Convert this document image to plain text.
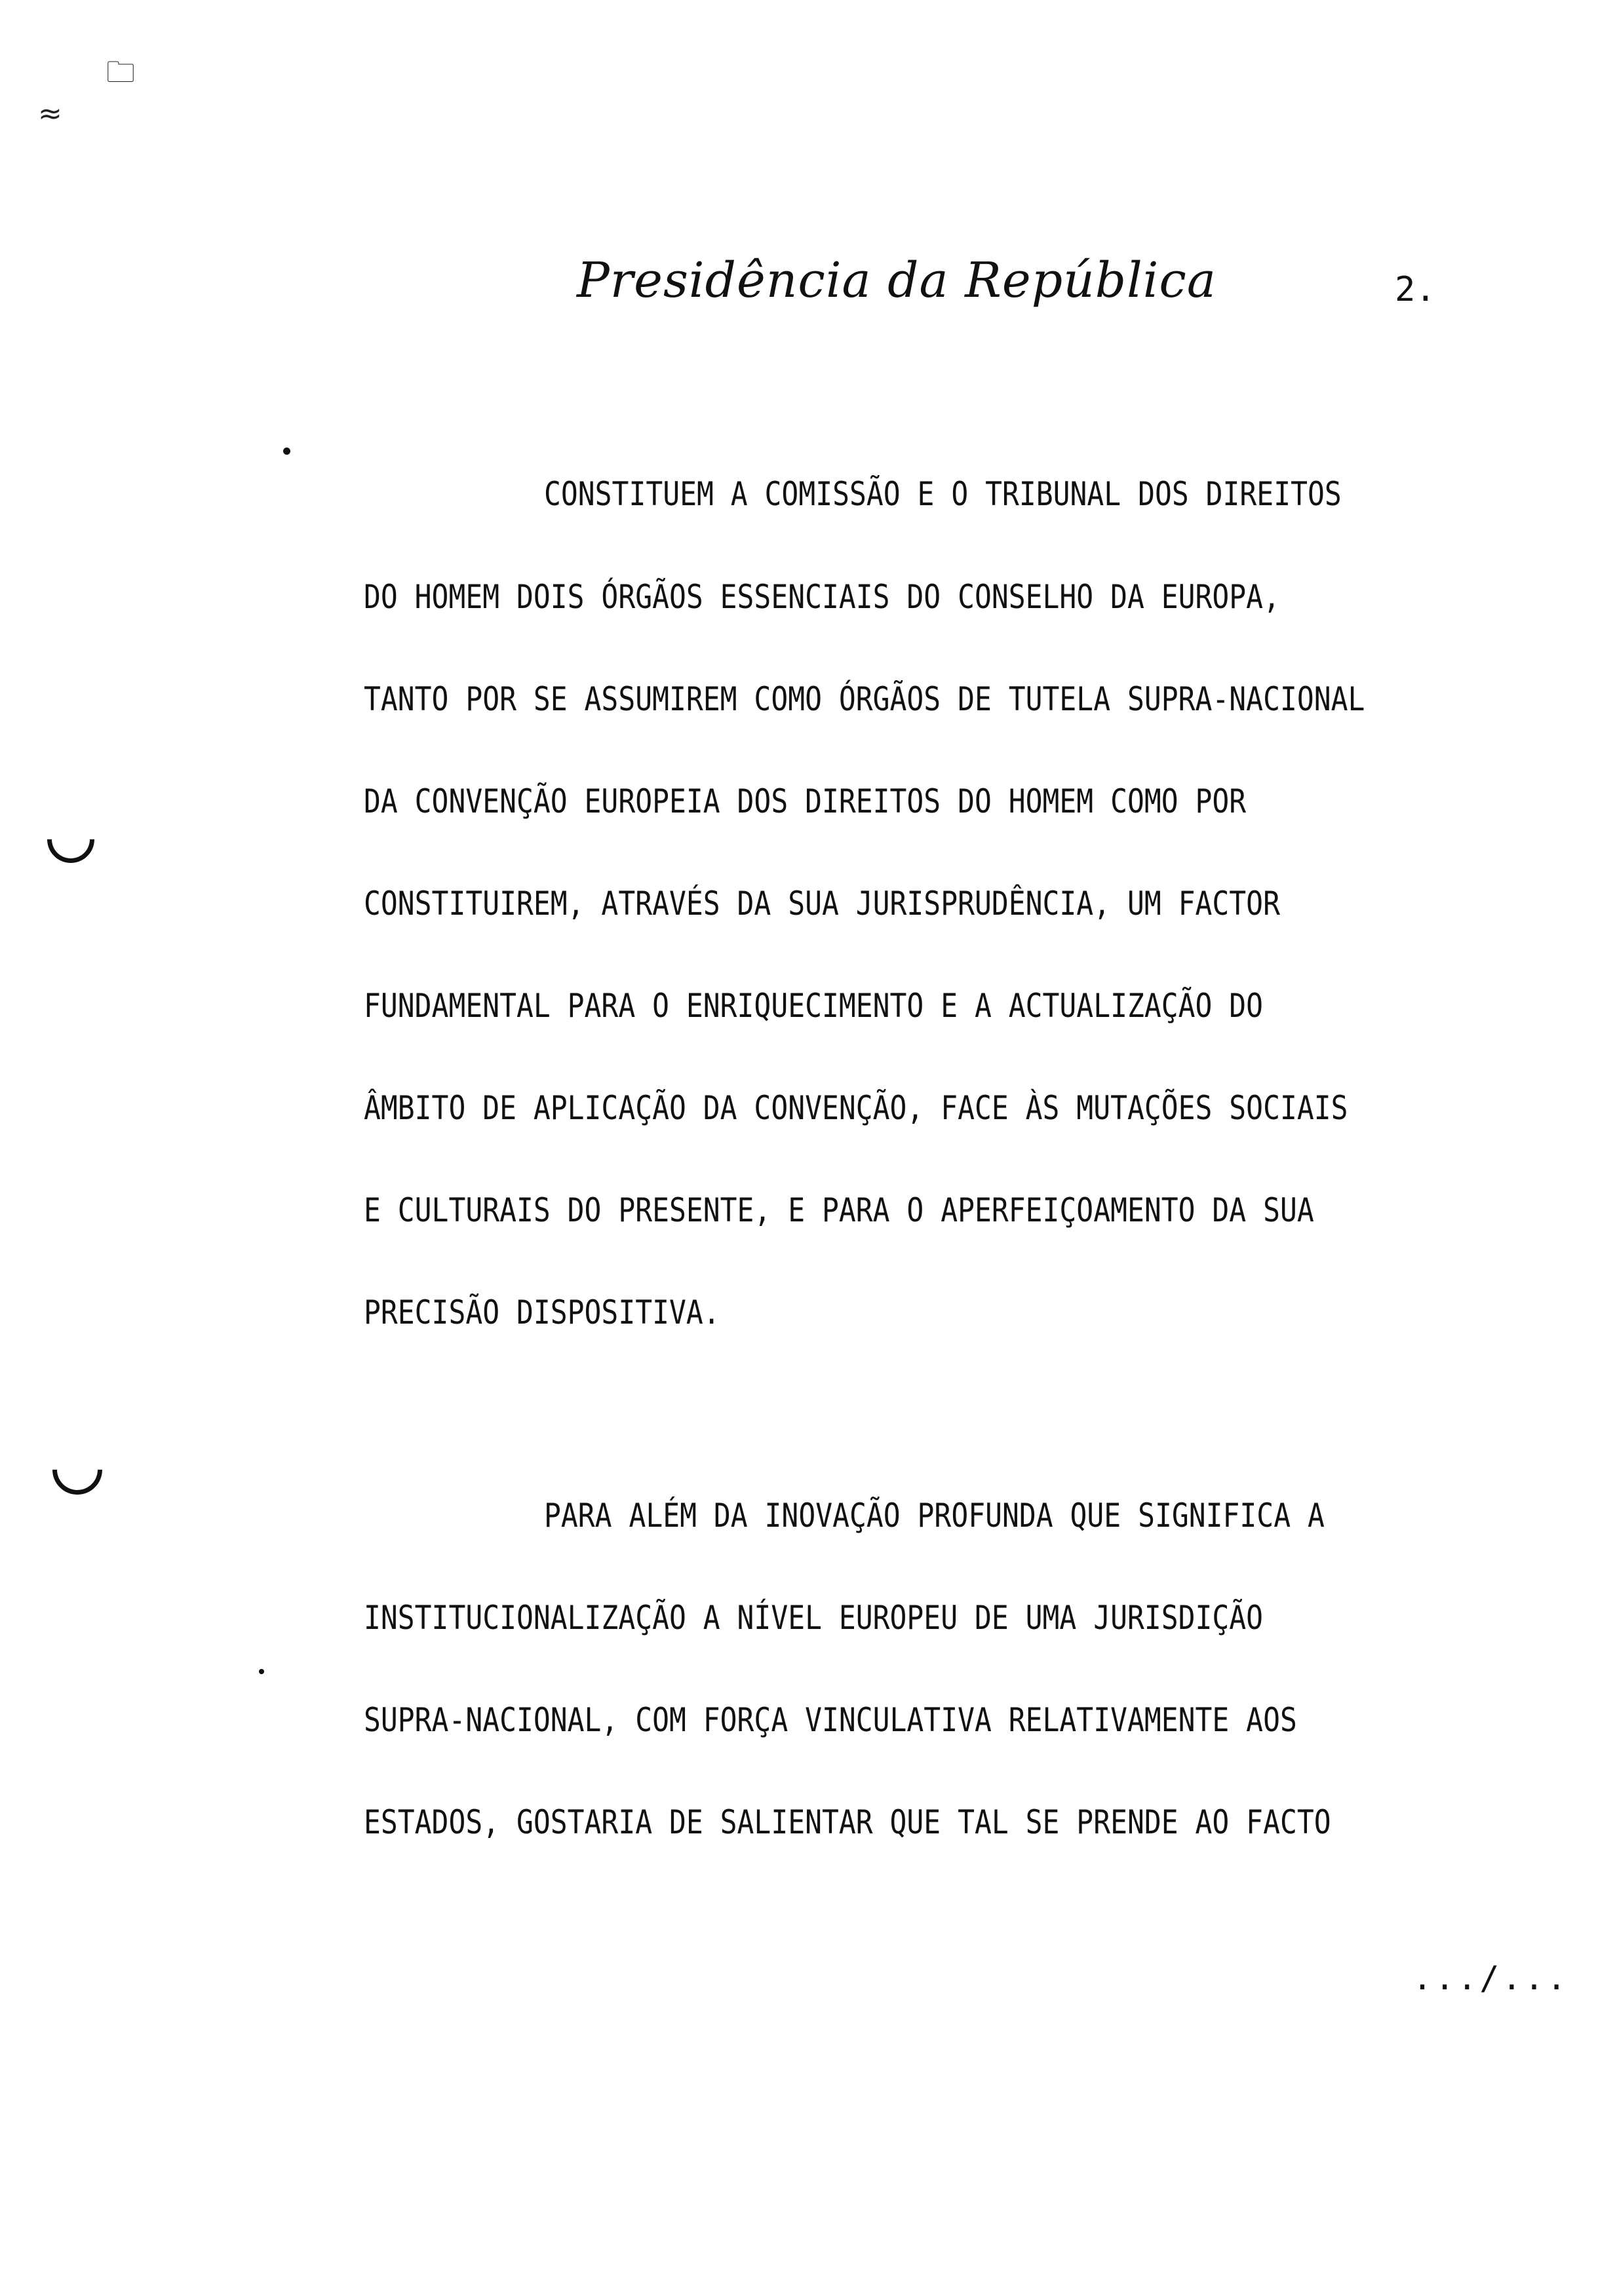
🗀
≈
Presidência da República	2.
CONSTITUEM A COMISSÃO E O TRIBUNAL DOS DIREITOS
DO HOMEM DOIS ÓRGÃOS ESSENCIAIS DO CONSELHO DA EUROPA,
TANTO POR SE ASSUMIREM COMO ÓRGÃOS DE TUTELA SUPRA-NACIONAL
DA CONVENÇÃO EUROPEIA DOS DIREITOS DO HOMEM COMO POR
CONSTITUIREM, ATRAVÉS DA SUA JURISPRUDÊNCIA, UM FACTOR
FUNDAMENTAL PARA O ENRIQUECIMENTO E A ACTUALIZAÇÃO DO
ÂMBITO DE APLICAÇÃO DA CONVENÇÃO, FACE ÀS MUTAÇÕES SOCIAIS
E CULTURAIS DO PRESENTE, E PARA O APERFEIÇOAMENTO DA SUA
PRECISÃO DISPOSITIVA.
PARA ALÉM DA INOVAÇÃO PROFUNDA QUE SIGNIFICA A
INSTITUCIONALIZAÇÃO A NÍVEL EUROPEU DE UMA JURISDIÇÃO
SUPRA-NACIONAL, COM FORÇA VINCULATIVA RELATIVAMENTE AOS
ESTADOS, GOSTARIA DE SALIENTAR QUE TAL SE PRENDE AO FACTO
.../...
